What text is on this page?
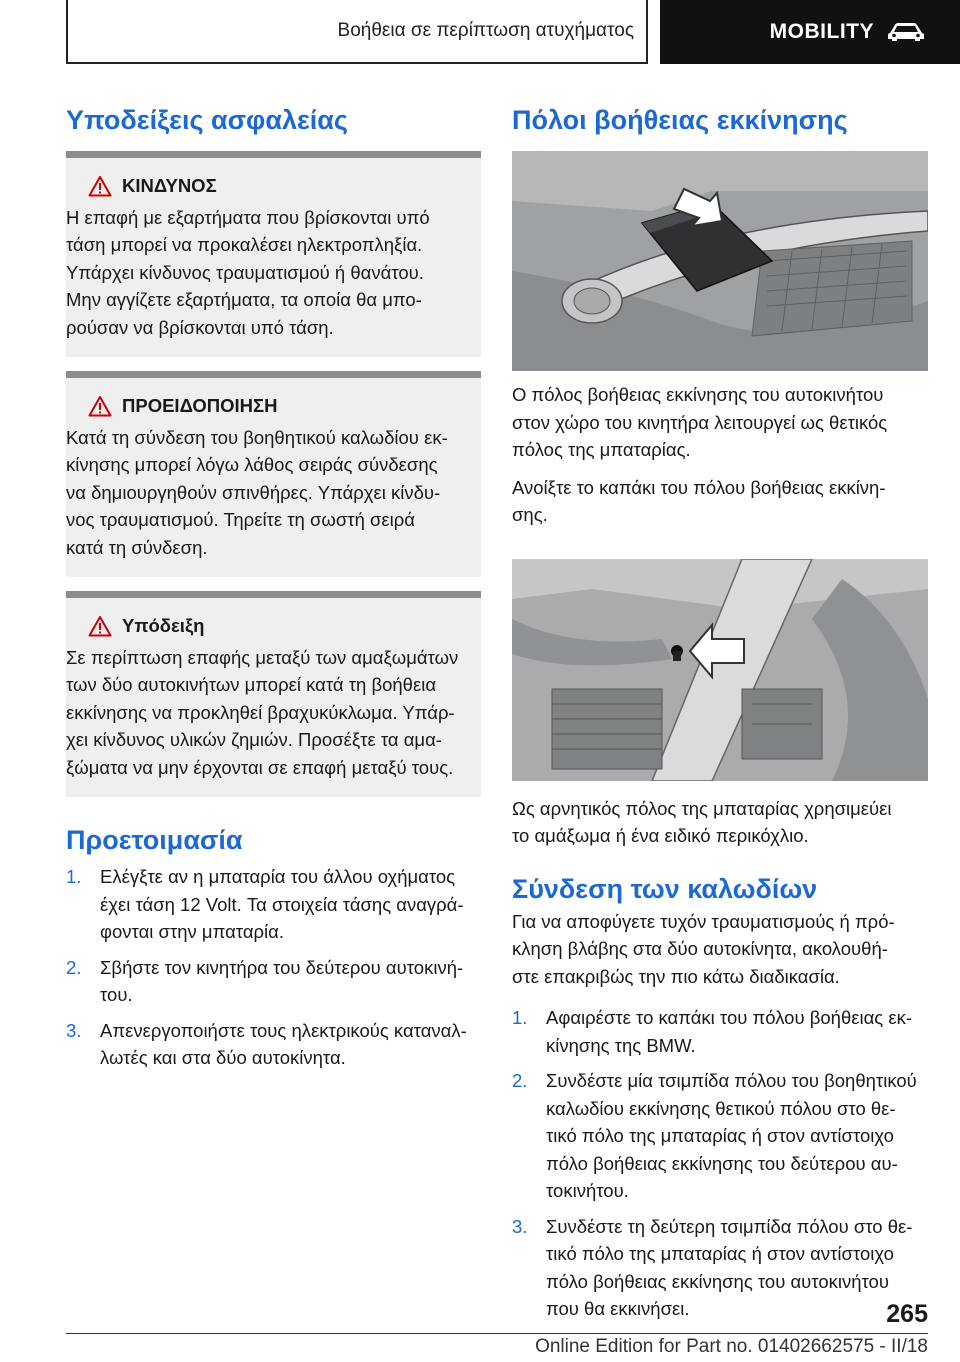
Βοήθεια σε περίπτωση ατυχήματος	MOBILITY
Υποδείξεις ασφαλείας
ΚΙΝΔΥΝΟΣ
Η επαφή με εξαρτήματα που βρίσκονται υπό
τάση μπορεί να προκαλέσει ηλεκτροπληξία.
Υπάρχει κίνδυνος τραυματισμού ή θανάτου.
Μην αγγίζετε εξαρτήματα, τα οποία θα μπο-
ρούσαν να βρίσκονται υπό τάση.
ΠΡΟΕΙΔΟΠΟΙΗΣΗ
Κατά τη σύνδεση του βοηθητικού καλωδίου εκ-
κίνησης μπορεί λόγω λάθος σειράς σύνδεσης
να δημιουργηθούν σπινθήρες. Υπάρχει κίνδυ-
νος τραυματισμού. Τηρείτε τη σωστή σειρά
κατά τη σύνδεση.
Υπόδειξη
Σε περίπτωση επαφής μεταξύ των αμαξωμάτων
των δύο αυτοκινήτων μπορεί κατά τη βοήθεια
εκκίνησης να προκληθεί βραχυκύκλωμα. Υπάρ-
χει κίνδυνος υλικών ζημιών. Προσέξτε τα αμα-
ξώματα να μην έρχονται σε επαφή μεταξύ τους.
Προετοιμασία
1.	Ελέγξτε αν η μπαταρία του άλλου οχήματος
έχει τάση 12 Volt. Τα στοιχεία τάσης αναγρά-
φονται στην μπαταρία.
2.	Σβήστε τον κινητήρα του δεύτερου αυτοκινή-
του.
3.	Απενεργοποιήστε τους ηλεκτρικούς καταναλ-
λωτές και στα δύο αυτοκίνητα.
Πόλοι βοήθειας εκκίνησης

Ο πόλος βοήθειας εκκίνησης του αυτοκινήτου
στον χώρο του κινητήρα λειτουργεί ως θετικός
πόλος της μπαταρίας.

Ανοίξτε το καπάκι του πόλου βοήθειας εκκίνη-
σης.

Ως αρνητικός πόλος της μπαταρίας χρησιμεύει
το αμάξωμα ή ένα ειδικό περικόχλιο.

Σύνδεση των καλωδίων

Για να αποφύγετε τυχόν τραυματισμούς ή πρό-
κληση βλάβης στα δύο αυτοκίνητα, ακολουθή-
στε επακριβώς την πιο κάτω διαδικασία.

1.	Αφαιρέστε το καπάκι του πόλου βοήθειας εκ-
κίνησης της BMW.
2.	Συνδέστε μία τσιμπίδα πόλου του βοηθητικού
καλωδίου εκκίνησης θετικού πόλου στο θε-
τικό πόλο της μπαταρίας ή στον αντίστοιχο
πόλο βοήθειας εκκίνησης του δεύτερου αυ-
τοκινήτου.
3.	Συνδέστε τη δεύτερη τσιμπίδα πόλου στο θε-
τικό πόλο της μπαταρίας ή στον αντίστοιχο
πόλο βοήθειας εκκίνησης του αυτοκινήτου
που θα εκκινήσει.	265
Online Edition for Part no. 01402662575 - II/18
